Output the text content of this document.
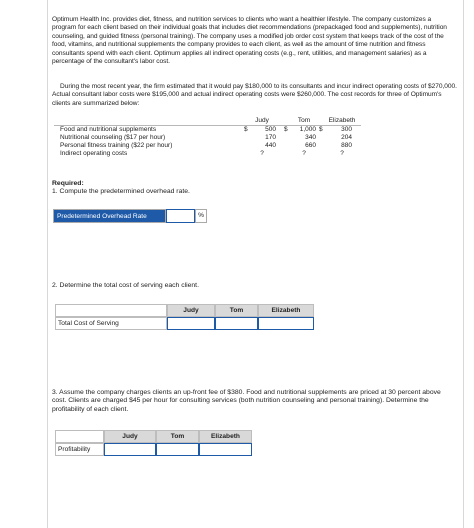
Optimum Health Inc. provides diet, fitness, and nutrition services to clients who want a healthier lifestyle. The company customizes a program for each client based on their individual goals that includes diet recommendations (prepackaged food and supplements), nutrition counseling, and guided fitness (personal training). The company uses a modified job order cost system that keeps track of the cost of the food, vitamins, and nutritional supplements the company provides to each client, as well as the amount of time nutrition and fitness consultants spend with each client. Optimum applies all indirect operating costs (e.g., rent, utilities, and management salaries) as a percentage of the consultant's labor cost.
During the most recent year, the firm estimated that it would pay $180,000 to its consultants and incur indirect operating costs of $270,000. Actual consultant labor costs were $195,000 and actual indirect operating costs were $260,000. The cost records for three of Optimum's clients are summarized below:
Judy	Tom	Elizabeth
Food and nutritional supplements	$	500 $	1,000 $	300
Nutritional counseling ($17 per hour)	170	340	204
Personal fitness training ($22 per hour)	440	660	880
Indirect operating costs	?	?	?
Required:
1. Compute the predetermined overhead rate.
Predetermined Overhead Rate	%
2. Determine the total cost of serving each client.
Judy	Tom	Elizabeth
Total Cost of Serving
3. Assume the company charges clients an up-front fee of $380. Food and nutritional supplements are priced at 30 percent above cost. Clients are charged $45 per hour for consulting services (both nutrition counseling and personal training). Determine the profitability of each client.
Judy	Tom	Elizabeth
Profitability
